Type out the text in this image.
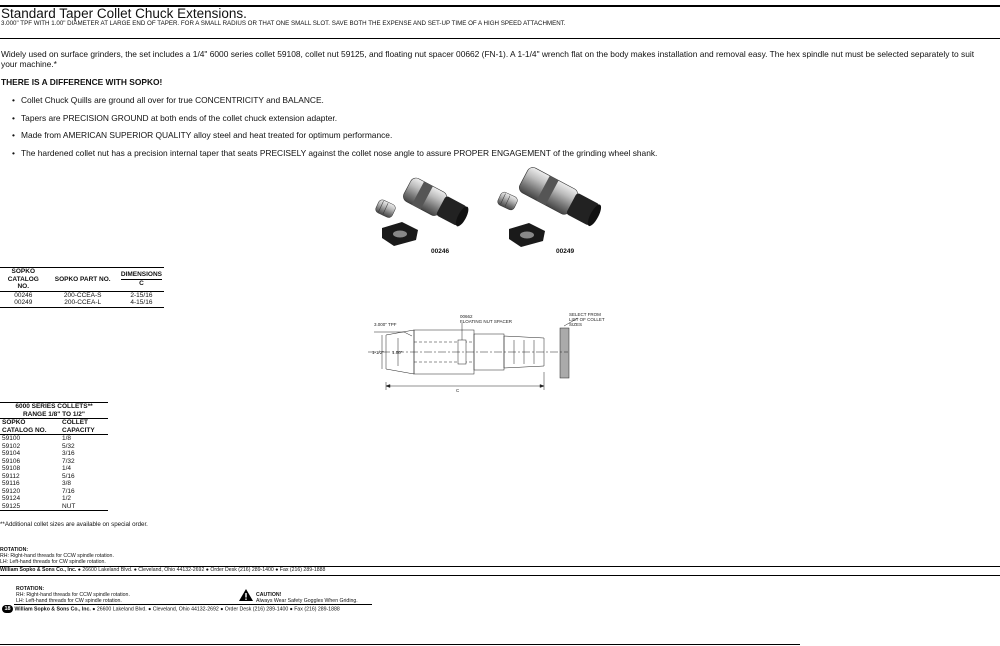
Standard Taper Collet Chuck Extensions.
3.000" TPF WITH 1.00" DIAMETER AT LARGE END OF TAPER. FOR A SMALL RADIUS OR THAT ONE SMALL SLOT. SAVE BOTH THE EXPENSE AND SET-UP TIME OF A HIGH SPEED ATTACHMENT.
Widely used on surface grinders, the set includes a 1/4" 6000 series collet 59108, collet nut 59125, and floating nut spacer 00662 (FN-1). A 1-1/4" wrench flat on the body makes installation and removal easy. The hex spindle nut must be selected separately to suit your machine.*
THERE IS A DIFFERENCE WITH SOPKO!
• Collet Chuck Quills are ground all over for true CONCENTRICITY and BALANCE.
• Tapers are PRECISION GROUND at both ends of the collet chuck extension adapter.
• Made from AMERICAN SUPERIOR QUALITY alloy steel and heat treated for optimum performance.
• The hardened collet nut has a precision internal taper that seats PRECISELY against the collet nose angle to assure PROPER ENGAGEMENT of the grinding wheel shank.
00246	00249
SOPKO
CATALOG NO.	SOPKO PART NO.	DIMENSIONS
C
00246	200-CCEA-S	2-15/16
00249	200-CCEA-L	4-15/16
3.000" TPF
00662
FLOATING NUT SPACER
SELECT FROM
LIST OF COLLET
SIZES
1-1/2" 1.00"
C
6000 SERIES COLLETS**
RANGE 1/8" TO 1/2"	
SOPKO
CATALOG NO.	COLLET
CAPACITY
59100	1/8
59102	5/32
59104	3/16
59106	7/32
59108	1/4
59112	5/16
59116	3/8
59120	7/16
59124	1/2
59125	NUT

**Additional collet sizes are available on special order.
ROTATION:
RH: Right-hand threads for CCW spindle rotation.
LH: Left-hand threads for CW spindle rotation.
William Sopko & Sons Co., Inc. ● 26600 Lakeland Blvd. ● Cleveland, Ohio 44132-2692 ● Order Desk (216) 289-1400 ● Fax (216) 289-1888
ROTATION:
RH: Right-hand threads for CCW spindle rotation.
LH: Left-hand threads for CW spindle rotation.
CAUTION!
Always Wear Safety Goggles When Griding.
18 William Sopko & Sons Co., Inc. ● 26600 Lakeland Blvd. ● Cleveland, Ohio 44132-2692 ● Order Desk (216) 289-1400 ● Fax (216) 289-1888
